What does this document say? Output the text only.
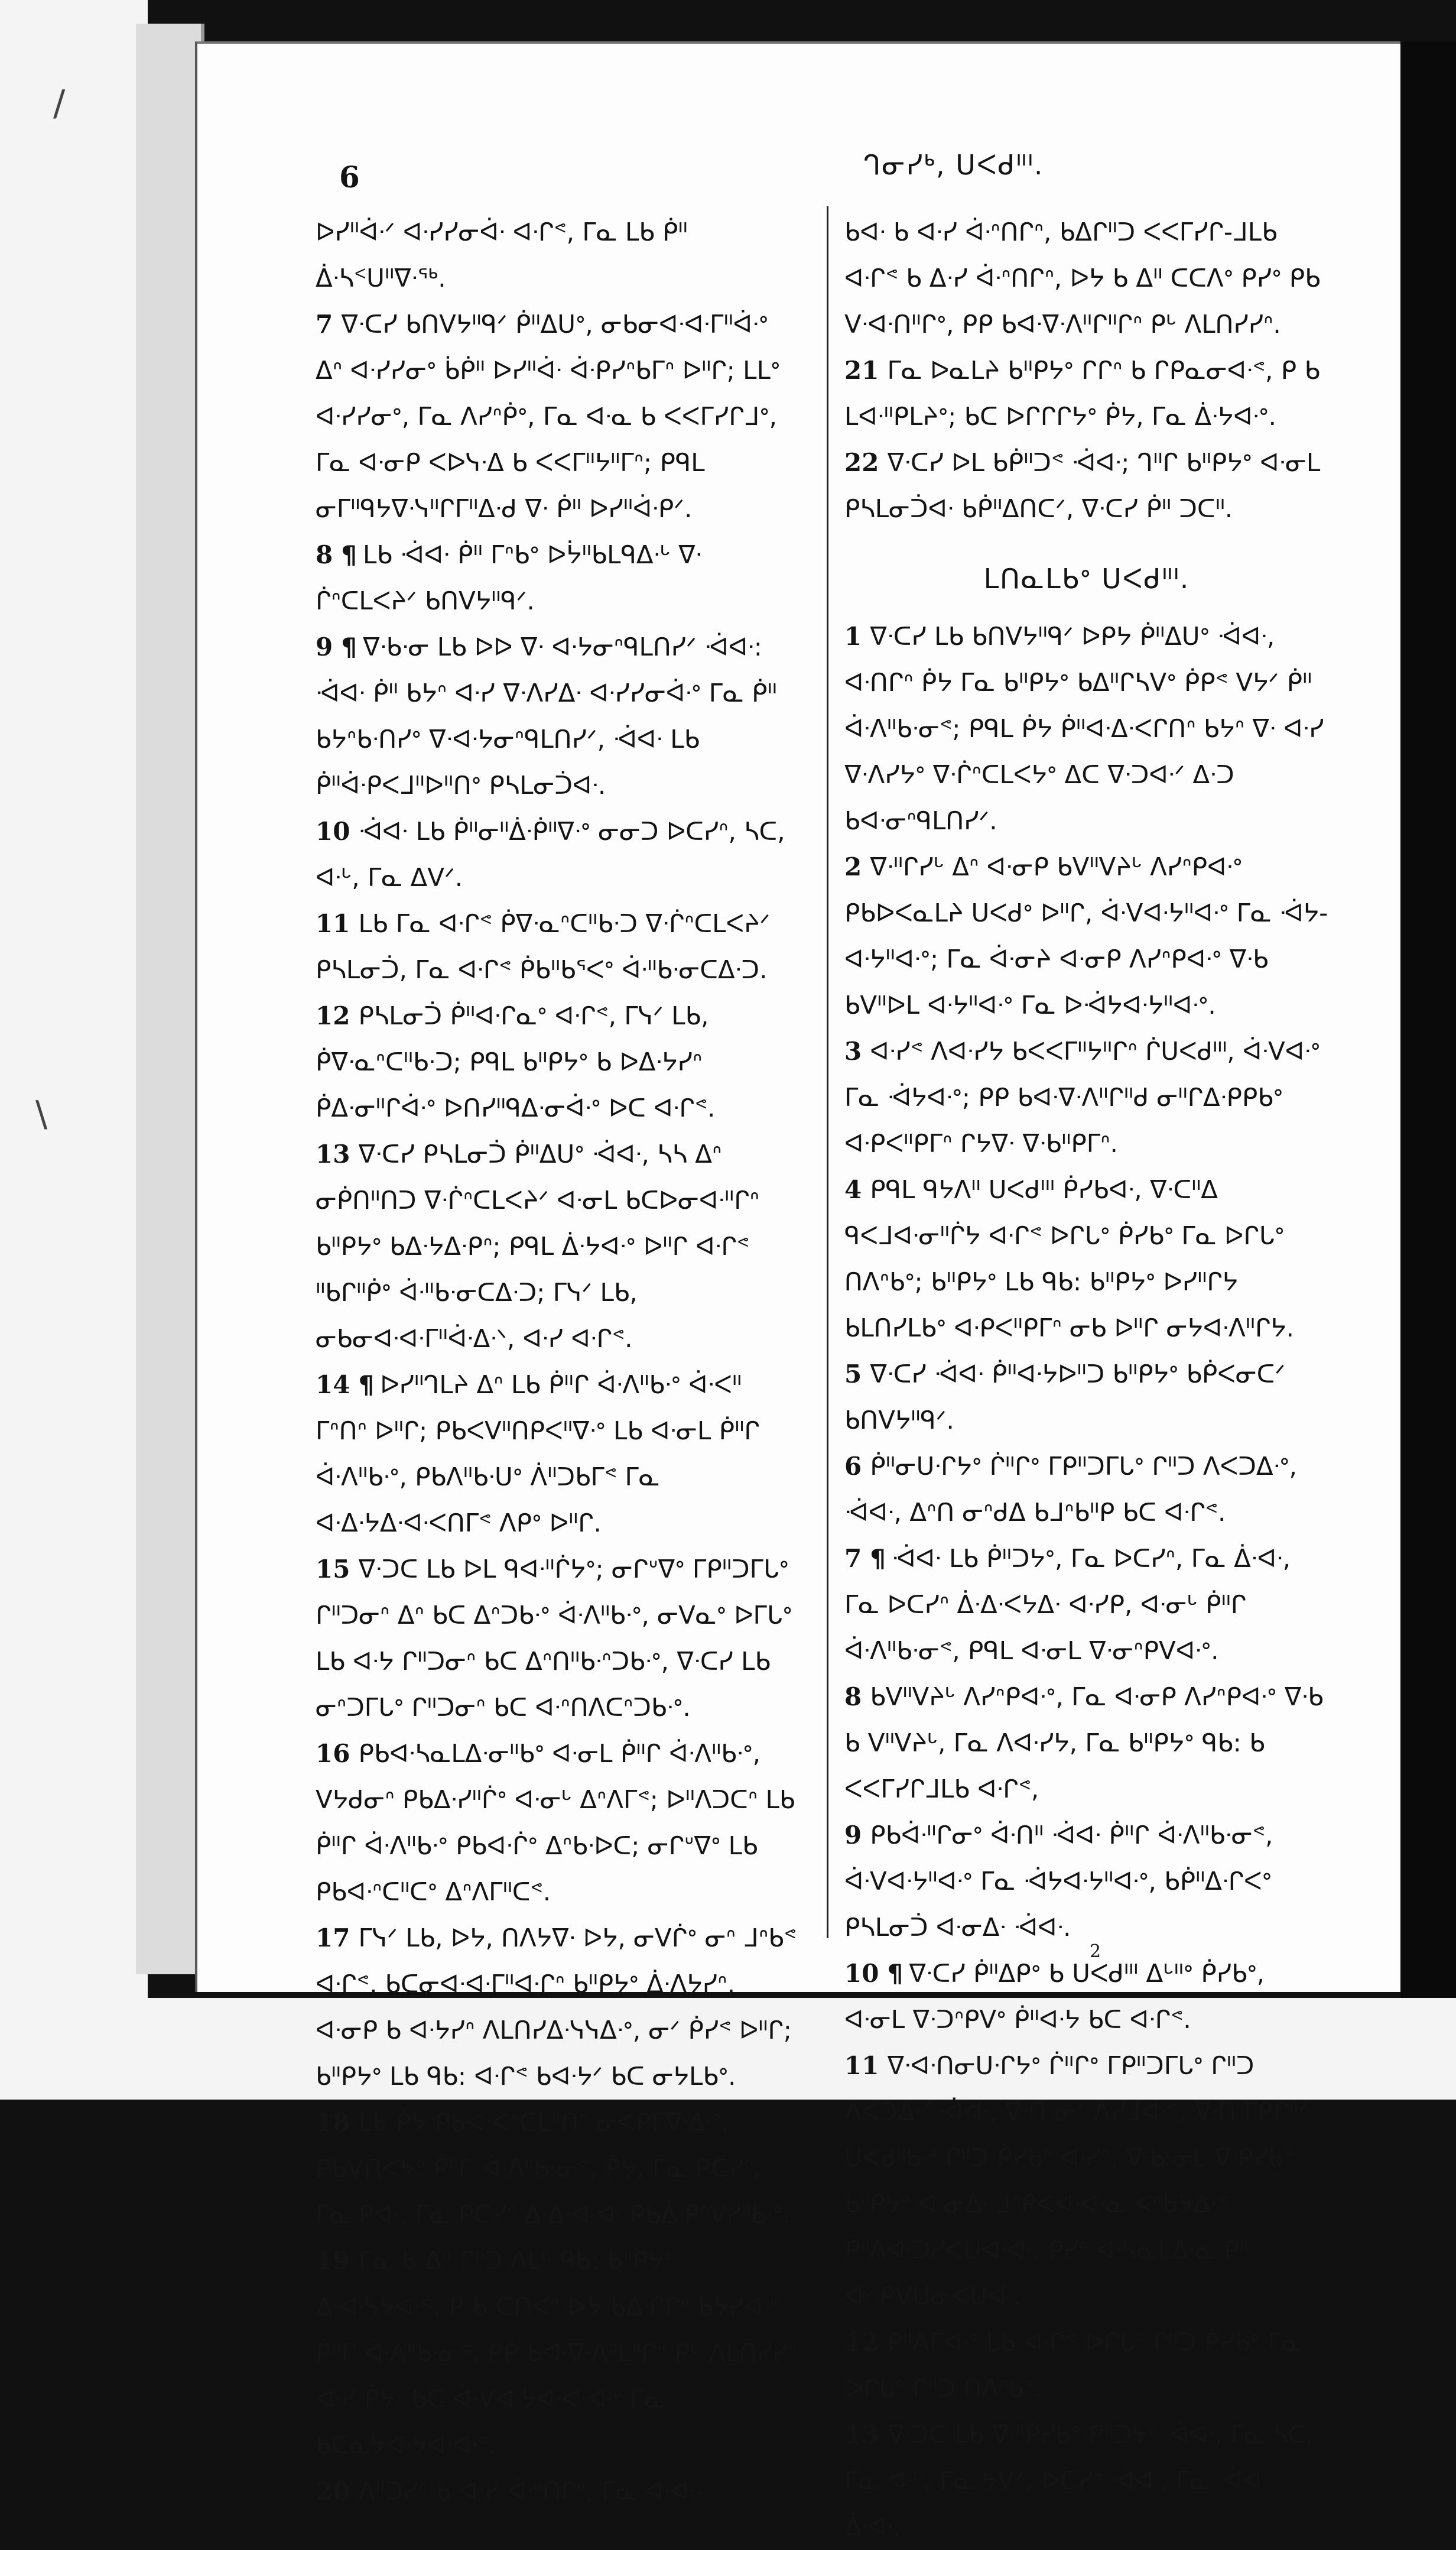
/
\
6	ᒉᓂᓯᒃ, ᑌᐸᑯᐦᑊ.

ᐅᓯᐦᐋᐧᐟ ᐊᐧᓯᓯᓂᐋᐧ ᐊᐧᒋᕝ, ᒥᓇ ᒪᑲ ᑮᐦ ᐄᐧᓴᑉᑌᐦᐁᐧᖅ.

7 ᐁᐧᑕᓯ ᑲᑎᐯᔭᐦᑫᐟ ᑮᐦᐃᑌᐤ, ᓂᑲᓂᐊᐧᐊᐧᒥᐦᐋᐧᐤ ᐃᐢ ᐊᐧᓯᓯᓂᐤ ᑳᑮᐦ ᐅᓯᐦᐋᐧ ᐋᐧᑭᓯᐢᑲᒥᐢ ᐅᐦᒋ; ᒪᒪᐤ ᐊᐧᓯᓯᓂᐤ, ᒥᓇ ᐱᓯᐢᑮᐤ, ᒥᓇ ᐊᐧᓇ ᑲ ᐸᐸᒥᓯᒋᒧᐤ, ᒥᓇ ᐊᐧᓂᑭ ᐸᐅᓭᐧᐃ ᑲ ᐸᐸᒥᐦᔭᐦᒥᐢ; ᑭᑫᒪ ᓂᒥᐦᑫᔭᐁᐧᓭᐦᒋᒥᐦᐃᐧᑯ ᐁᐧ ᑮᐦ ᐅᓯᐦᐋᐧᑭᐟ.

8 ¶ ᒪᑲ ᐙᐊᐧ ᑮᐦ ᒥᐢᑲᐤ ᐅᔮᐦᑲᒪᑫᐃᐧᒡ ᐁᐧ ᒌᐢᑕᒪᐸᔨᐟ ᑲᑎᐯᔭᐦᑫᐟ.

9 ¶ ᐁᐧᑲᐧᓂ ᒪᑲ ᐅᐅ ᐁᐧ ᐊᐧᔭᓂᐢᑫᒪᑎᓯᐟ ᐙᐊᐧ: ᐙᐊᐧ ᑮᐦ ᑲᔭᐢ ᐊᐧᓯ ᐁᐧᐱᓯᐃᐧ ᐊᐧᓯᓯᓂᐋᐧᐤ ᒥᓇ ᑮᐦ ᑲᔭᐢᑲᐧᑎᓯᐤ ᐁᐧᐊᐧᔭᓂᐢᑫᒪᑎᓯᐟ, ᐙᐊᐧ ᒪᑲ ᑮᐦᐋᐧᑭᐸᒧᐦᐅᐦᑎᐤ ᑭᓴᒪᓂᑑᐊᐧ.

10 ᐙᐊᐧ ᒪᑲ ᑮᐦᓂᐦᐄᐧᑮᐦᐁᐧᐤ ᓂᓂᑐ ᐅᑕᓯᐢ, ᓴᑕ, ᐊᐧᒡ, ᒥᓇ ᐃᐯᐟ.

11 ᒪᑲ ᒥᓇ ᐊᐧᒋᕝ ᑮᐁᐧᓇᐢᑕᐦᑲᐧᑐ ᐁᐧᒌᐢᑕᒪᐸᔨᐟ ᑭᓴᒪᓂᑑ, ᒥᓇ ᐊᐧᒋᕝ ᑮᑲᐦᑲᕐᐸᐤ ᐋᐧᐦᑲᐧᓂᑕᐃᐧᑐ.

12 ᑭᓴᒪᓂᑑ ᑮᐦᐊᐧᒋᓇᐤ ᐊᐧᒋᕝ, ᒥᓭᐟ ᒪᑲ, ᑮᐁᐧᓇᐢᑕᐦᑲᐧᑐ; ᑭᑫᒪ ᑲᐦᑭᔭᐤ ᑲ ᐅᐃᐧᔭᓯᐢ ᑮᐃᐧᓂᐦᒋᐋᐧᐤ ᐅᑎᓯᐦᑫᐃᐧᓂᐋᐧᐤ ᐅᑕ ᐊᐧᒋᕝ.

13 ᐁᐧᑕᓯ ᑭᓴᒪᓂᑑ ᑮᐦᐃᑌᐤ ᐙᐊᐧ, ᓴᓴ ᐃᐢ ᓂᑮᑎᐦᑎᑐ ᐁᐧᒌᐢᑕᒪᐸᔨᐟ ᐊᐧᓂᒪ ᑲᑕᐅᓂᐊᐧᐦᒋᐢ ᑲᐦᑭᔭᐤ ᑲᐃᐧᔭᐃᐧᑭᐢ; ᑭᑫᒪ ᐄᐧᔭᐊᐧᐤ ᐅᐦᒋ ᐊᐧᒋᕝ ᐦᑲᒋᐦᑮᐤ ᐋᐧᐦᑲᐧᓂᑕᐃᐧᑐ; ᒥᓭᐟ ᒪᑲ, ᓂᑲᓂᐊᐧᐊᐧᒥᐦᐋᐧᐃᐧᐠ, ᐊᐧᓯ ᐊᐧᒋᕝ.

14 ¶ ᐅᓯᐦᒉᒪᔨ ᐃᐢ ᒪᑲ ᑮᐦᒋ ᐋᐧᐱᐦᑲᐧᐤ ᐋᐧᐸᐦ ᒥᐢᑎᐢ ᐅᐦᒋ; ᑭᑲᐸᐯᐦᑎᑭᐸᐦᐁᐧᐤ ᒪᑲ ᐊᐧᓂᒪ ᑮᐦᒋ ᐋᐧᐱᐦᑲᐧᐤ, ᑭᑲᐱᐦᑲᐧᑌᐤ ᐲᐦᑐᑲᒥᕝ ᒥᓇ ᐊᐧᐃᐧᔭᐃᐧᐊᐧᐸᑎᒥᕝ ᐱᑭᐤ ᐅᐦᒋ.

15 ᐁᐧᑐᑕ ᒪᑲ ᐅᒪ ᑫᐊᐧᐦᒌᔭᐤ; ᓂᒋᐡᐁᐤ ᒥᑭᐦᑐᒥᒐᐤ ᒋᐦᑐᓂᐢ ᐃᐢ ᑲᑕ ᐃᐢᑐᑲᐧᐤ ᐋᐧᐱᐦᑲᐧᐤ, ᓂᐯᓇᐤ ᐅᒥᒐᐤ ᒪᑲ ᐊᐧᔭ ᒋᐦᑐᓂᐢ ᑲᑕ ᐃᐢᑎᐦᑲᐧᐢᑐᑲᐧᐤ, ᐁᐧᑕᓯ ᒪᑲ ᓂᐢᑐᒥᒐᐤ ᒋᐦᑐᓂᐢ ᑲᑕ ᐊᐧᐢᑎᐱᑕᐢᑐᑲᐧᐤ.

16 ᑭᑲᐊᐧᓴᓇᒪᐃᐧᓂᐦᑲᐤ ᐊᐧᓂᒪ ᑮᐦᒋ ᐋᐧᐱᐦᑲᐧᐤ, ᐯᔭᑯᓂᐢ ᑭᑲᐃᐧᓯᐦᒌᐤ ᐊᐧᓂᒡ ᐃᐢᐱᒥᕝ; ᐅᐦᐱᑐᑕᐢ ᒪᑲ ᑮᐦᒋ ᐋᐧᐱᐦᑲᐧᐤ ᑭᑲᐊᐧᒌᐤ ᐃᐢᑲᐧᐅᑕ; ᓂᒋᐡᐁᐤ ᒪᑲ ᑭᑲᐊᐧᐢᑕᐦᑕᐤ ᐃᐢᐱᒥᐦᑕᕝ.

17 ᒥᓭᐟ ᒪᑲ, ᐅᔭ, ᑎᐱᔭᐁᐧ ᐅᔭ, ᓂᐯᒌᐤ ᓂᐢ ᒧᐢᑲᕝ ᐊᐧᒋᕝ, ᑲᑕᓂᐊᐧᐊᐧᒥᐦᐊᐧᒋᐢ ᑲᐦᑭᔭᐤ ᐄᐧᐱᔭᓯᐢ, ᐊᐧᓂᑭ ᑲ ᐊᐧᔭᓯᐢ ᐱᒪᑎᓯᐃᐧᓭᓭᐃᐧᐤ, ᓂᐟ ᑮᓯᕝ ᐅᐦᒋ; ᑲᐦᑭᔭᐤ ᒪᑲ ᑫᑲ: ᐊᐧᒋᕝ ᑲᐊᐧᔭᐟ ᑲᑕ ᓂᔭᒪᑲᐤ.

18 ᒪᑲ ᑮᔭ ᑭᑲᐊᐧᐸᐢᑕᒪᐦᑎᐤ ᓂᐸᑭᒥᐁᐧᐃᐧᐤ; ᑭᑲᐯᑎᐸᔭᐤ ᑮᐦᒋ ᐋᐧᐱᐦᑲᐧᓂᕝ, ᑮᔭ, ᒥᓇ ᑭᑕᓯᐢ, ᒥᓇ ᑮᐊᐧ, ᒥᓇ ᑭᑕᓯᐢ ᐃᐧᐃᐧᐊᐧᐊᐧ ᑭᑲᐄᐧᑭᐢᐯᓯᐦᑲᐧᐤ.

19 ᒥᓇ ᑲ ᐃᐦ ᒋᐦᑐ ᐱᒪᒡ ᑫᑲ: ᑲᐦᑭᔭᐤ ᐃᐧᐊᐧᓭᔭᐊᐧᕝ, ᑭ ᑲ ᑕᑎᐸᐤ ᐅᔭ ᑲᐃᐧᒋᒋᐢ ᑲᔭᓯᐊᐧᐤ ᑮᐦᒋ ᐋᐧᐱᐦᑲᐧᓂᕝ, ᑭᑭ ᑲᐊᐧᐁᐧᐱᐦᒪᐦᒋᐢ ᑭᒡ ᐱᒪᑎᓯᓯᐢ ᐊᐧᓯ ᑮᔭ: ᑲᑕ ᐋᐧᐯᐊᐧᔭᐊᐧᐊᐧᐊᐧᐤ ᒥᓇ ᑲᑕᓇᔭᐊᐧᔭᐊᐧᐊᐧᐤ.

20 ᐱᐦᑐᓯᐢ ᑲ ᐊᐧᓯ ᐋᐧᐢᑎᒋᐢ, ᒥᓇ ᐊᐧᐊᐧ-

ᑲᐊᐧ ᑲ ᐊᐧᓯ ᐋᐧᐢᑎᒋᐢ, ᑲᐃᒋᐦᑐ ᐸᐸᒥᓯᒋ-ᒧᒪᑲ ᐊᐧᒋᕝ ᑲ ᐃᐧᓯ ᐋᐧᐢᑎᒋᐢ, ᐅᔭ ᑲ ᐃᐦ ᑕᑕᐱᐤ ᑭᓯᐤ ᑭᑲ ᐯᐧᐊᐧᑎᐦᒋᐤ, ᑭᑭ ᑲᐊᐧᐁᐧᐱᐦᒋᐦᒋᐢ ᑭᒡ ᐱᒪᑎᓯᓯᐢ.

21 ᒥᓇ ᐅᓇᒪᔨ ᑲᐦᑭᔭᐤ ᒋᒋᐢ ᑲ ᒋᑭᓇᓂᐊᐧᕝ, ᑭ ᑲ ᒪᐊᐧᐦᑭᒪᔨᐤ; ᑲᑕ ᐅᒋᒋᒋᔭᐤ ᑮᔭ, ᒥᓇ ᐄᐧᔭᐊᐧᐤ.

22 ᐁᐧᑕᓯ ᐅᒪ ᑲᑮᐦᑐᕝ ᐙᐊᐧ; ᒉᐦᒋ ᑲᐦᑭᔭᐤ ᐊᐧᓂᒪ ᑭᓴᒪᓂᑑᐊᐧ ᑲᑮᐦᐃᑎᑕᐟ, ᐁᐧᑕᓯ ᑮᐦ ᑐᑕᐦ.

ᒪᑎᓇᒪᑲᐤ ᑌᐸᑯᐦᑊ.

1 ᐁᐧᑕᓯ ᒪᑲ ᑲᑎᐯᔭᐦᑫᐟ ᐅᑭᔭ ᑮᐦᐃᑌᐤ ᐙᐊᐧ, ᐊᐧᑎᒋᐢ ᑮᔭ ᒥᓇ ᑲᐦᑭᔭᐤ ᑲᐃᐦᒋᓴᐯᐤ ᑮᑭᕝ ᐯᔭᐟ ᑮᐦ ᐋᐧᐱᐦᑲᐧᓂᕝ; ᑭᑫᒪ ᑮᔭ ᑮᐦᐊᐧᐃᐧᐸᒋᑎᐢ ᑲᔭᐢ ᐁᐧ ᐊᐧᓯ ᐁᐧᐱᓯᔭᐤ ᐁᐧᒌᐢᑕᒪᐸᔭᐤ ᐃᑕ ᐁᐧᑐᐊᐧᐟ ᐃᐧᑐ ᑲᐊᐧᓂᐢᑫᒪᑎᓯᐟ.

2 ᐁᐧᐦᒋᓯᒡ ᐃᐢ ᐊᐧᓂᑭ ᑲᐯᐦᐯᔨᒡ ᐱᓯᐢᑭᐊᐧᐤ ᑭᑲᐅᐸᓇᒪᔨ ᑌᐸᑯᐤ ᐅᐦᒋ, ᐋᐧᐯᐊᐧᔭᐦᐊᐧᐤ ᒥᓇ ᐙᔭ-ᐊᐧᔭᐦᐊᐧᐤ; ᒥᓇ ᐋᐧᓂᔨ ᐊᐧᓂᑭ ᐱᓯᐢᑭᐊᐧᐤ ᐁᐧᑲ ᑲᐯᐦᐅᒪ ᐊᐧᔭᐦᐊᐧᐤ ᒥᓇ ᐅᐙᔭᐊᐧᔭᐦᐊᐧᐤ.

3 ᐊᐧᓯᕝ ᐱᐊᐧᓯᔭ ᑲᐸᐸᒥᐦᔭᐦᒋᐢ ᒌᑌᐸᑯᐦᑊ, ᐋᐧᐯᐊᐧᐤ ᒥᓇ ᐙᔭᐊᐧᐤ; ᑭᑭ ᑲᐊᐧᐁᐧᐱᐦᒋᐦᑯ ᓂᐦᒋᐃᐧᑭᑭᑲᐤ ᐊᐧᑭᐸᐦᑭᒥᐢ ᒋᔭᐁᐧ ᐁᐧᑲᐦᑭᒥᐢ.

4 ᑭᑫᒪ ᑫᔭᐱᐦ ᑌᐸᑯᐦᑊ ᑮᓯᑲᐊᐧ, ᐁᐧᑕᐦᐃ ᑫᐸᒧᐊᐧᓂᐦᒌᔭ ᐊᐧᒋᕝ ᐅᒋᒐᐤ ᑮᓯᑲᐤ ᒥᓇ ᐅᒋᒐᐤ ᑎᐱᐢᑲᐤ; ᑲᐦᑭᔭᐤ ᒪᑲ ᑫᑲ: ᑲᐦᑭᔭᐤ ᐅᓯᐦᒋᔭ ᑲᒪᑎᓯᒪᑲᐤ ᐊᐧᑭᐸᐦᑭᒥᐢ ᓂᑲ ᐅᐦᒋ ᓂᔭᐊᐧᐱᐦᒋᔭ.

5 ᐁᐧᑕᓯ ᐙᐊᐧ ᑮᐦᐊᐧᔭᐅᐦᑐ ᑲᐦᑭᔭᐤ ᑲᑮᐸᓂᑕᐟ ᑲᑎᐯᔭᐦᑫᐟ.

6 ᑮᐦᓂᑌᐧᒋᔭᐤ ᒌᐦᒋᐤ ᒥᑭᐦᑐᒥᒐᐤ ᒋᐦᑐ ᐱᐸᑐᐃᐧᐤ, ᐙᐊᐧ, ᐃᐢᑎ ᓂᐢᑯᐃ ᑲᒧᐢᑲᐦᑭ ᑲᑕ ᐊᐧᒋᕝ.

7 ¶ ᐙᐊᐧ ᒪᑲ ᑮᐦᑐᔭᐤ, ᒥᓇ ᐅᑕᓯᐢ, ᒥᓇ ᐄᐧᐊᐧ, ᒥᓇ ᐅᑕᓯᐢ ᐄᐧᐃᐧᐸᔭᐃᐧ ᐊᐧᓯᑭ, ᐊᐧᓂᒡ ᑮᐦᒋ ᐋᐧᐱᐦᑲᐧᓂᕝ, ᑭᑫᒪ ᐊᐧᓂᒪ ᐁᐧᓂᐢᑭᐯᐊᐧᐤ.

8 ᑲᐯᐦᐯᔨᒡ ᐱᓯᐢᑭᐊᐧᐤ, ᒥᓇ ᐊᐧᓂᑭ ᐱᓯᐢᑭᐊᐧᐤ ᐁᐧᑲ ᑲ ᐯᐦᐯᔨᒡ, ᒥᓇ ᐱᐊᐧᓯᔭ, ᒥᓇ ᑲᐦᑭᔭᐤ ᑫᑲ: ᑲ ᐸᐸᒥᓯᒋᒧᒪᑲ ᐊᐧᒋᕝ,

9 ᑭᑲᐋᐧᐦᒋᓂᐤ ᐋᐧᑎᐦ ᐙᐊᐧ ᑮᐦᒋ ᐋᐧᐱᐦᑲᐧᓂᕝ, ᐋᐧᐯᐊᐧᔭᐦᐊᐧᐤ ᒥᓇ ᐙᔭᐊᐧᔭᐦᐊᐧᐤ, ᑲᑮᐦᐃᐧᒋᐸᐤ ᑭᓴᒪᓂᑑ ᐊᐧᓂᐃᐧ ᐙᐊᐧ.

10 ¶ ᐁᐧᑕᓯ ᑮᐦᐃᑭᐤ ᑲ ᑌᐸᑯᐦᑊ ᐃᒡᐦᐤ ᑮᓯᑲᐤ, ᐊᐧᓂᒪ ᐁᐧᑐᐢᑭᐯᐤ ᑮᐦᐊᐧᔭ ᑲᑕ ᐊᐧᒋᕝ.

11 ᐁᐧᐊᐧᑎᓂᑌᐧᒋᔭᐤ ᒌᐦᒋᐤ ᒥᑭᐦᑐᒥᒐᐤ ᒋᐦᑐ ᐱᐸᑐᐃᐧᐟ ᐙᐊᐧ, ᐁᐧᑎ ᓂᐟ ᐱᓯᒧᐊᐧᕝ, ᐁᐧᑎ ᒥᑭᒋᐦᐟ ᑌᐸᑯᐦᑲᐧᐤ ᒋᐦᑐ ᑮᓯᑲᐤ ᐋᐧᓯᐢ, ᐁᐧᑲᐧᓂᒪ ᐁᐧᑮᓯᑲᐤ ᑲᐦᑭᔭᐤ ᐊᐧᓂᐃᐧ ᒧᐢᑭᐸᐊᐧᐊᐧᓇ ᐸᐢᑲᔭᐃᐧᕝ ᑮᐦᐱᐊᐧᑐᓯᐸᑌᐊᐧᐊᐧ, ᑮᓯᐢ ᐊᐧᓴᓇᒪᐃᐧᓇ ᑮᐦ ᐊᐧᐢᑭᐯᑌᓂᐸᑌᐊᐧ.

12 ᑭᐦᐱᒥᐊᐧᐤ ᒪᑲ ᐊᐧᒋᕝ ᐅᒋᒐᐤ ᒋᐦᑐ ᑮᓯᑲᐤ ᒥᓇ ᐅᒋᒐᐤ ᒋᐦᑐ ᑎᐱᐢᑲᐤ.

13 ᐁᐧᑐᑕ ᒪᑲ ᐁᐧᐦᑮᓯᑲᐤ ᑮᐦᑐᔭᐤ ᐙᐊᐧ, ᒥᓇ ᓴᑕ, ᒥᓇ ᐊᐧᒡ, ᒥᓇ ᔭᐯᐟ, ᐅᑕᓯᐢ ᐙᐊᐧ, ᒥᓇ ᐙᐊᐧ ᐄᐧᐊᐧ,

2
